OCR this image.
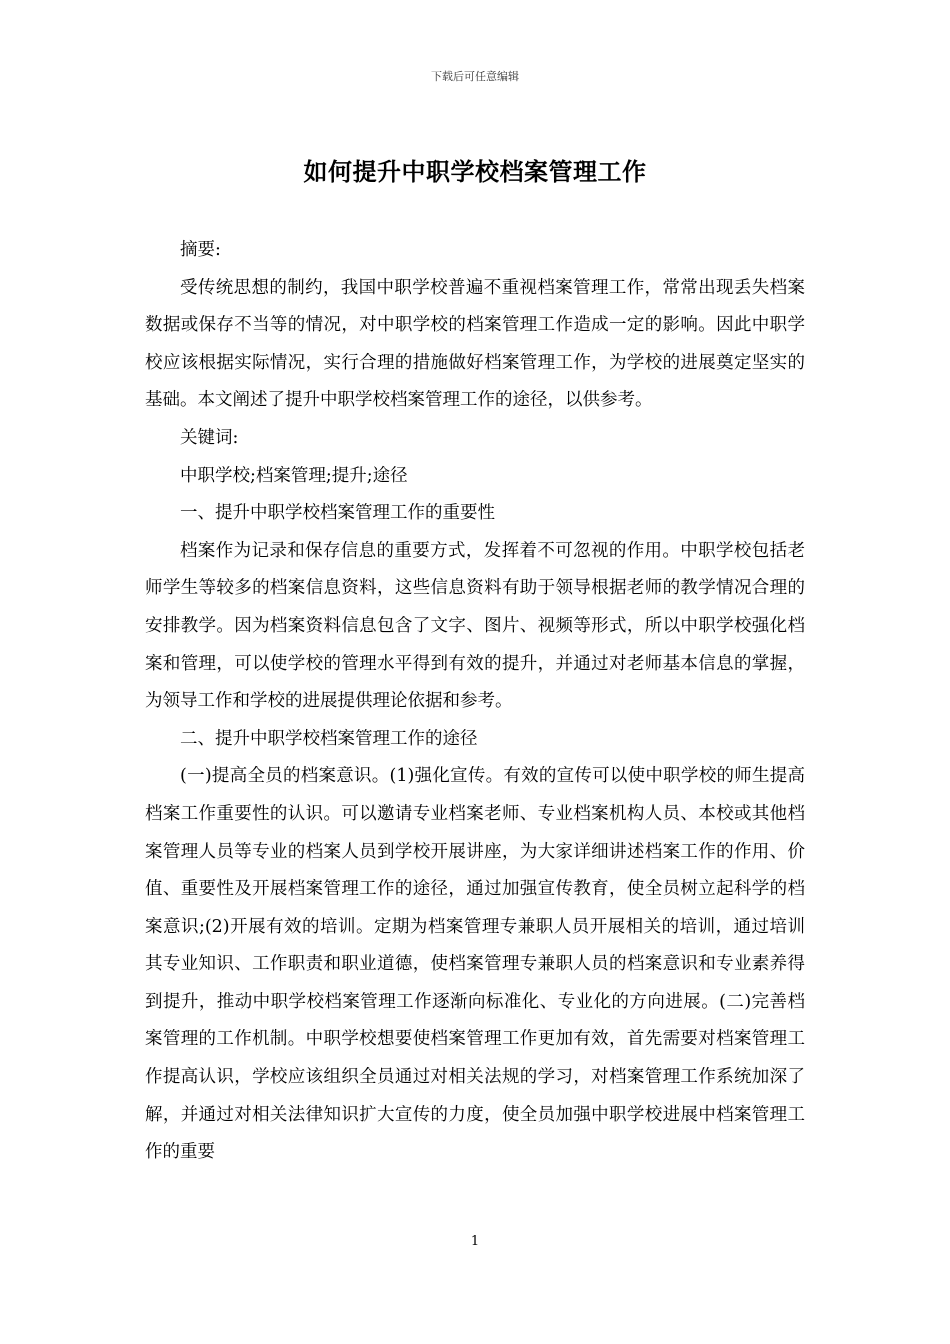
下载后可任意编辑
如何提升中职学校档案管理工作

摘要:

受传统思想的制约，我国中职学校普遍不重视档案管理工作，常常出现丢失档案数据或保存不当等的情况，对中职学校的档案管理工作造成一定的影响。因此中职学校应该根据实际情况，实行合理的措施做好档案管理工作，为学校的进展奠定坚实的基础。本文阐述了提升中职学校档案管理工作的途径，以供参考。

关键词:

中职学校;档案管理;提升;途径

一、提升中职学校档案管理工作的重要性

档案作为记录和保存信息的重要方式，发挥着不可忽视的作用。中职学校包括老师学生等较多的档案信息资料，这些信息资料有助于领导根据老师的教学情况合理的安排教学。因为档案资料信息包含了文字、图片、视频等形式，所以中职学校强化档案和管理，可以使学校的管理水平得到有效的提升，并通过对老师基本信息的掌握，为领导工作和学校的进展提供理论依据和参考。

二、提升中职学校档案管理工作的途径

(一)提高全员的档案意识。(1)强化宣传。有效的宣传可以使中职学校的师生提高档案工作重要性的认识。可以邀请专业档案老师、专业档案机构人员、本校或其他档案管理人员等专业的档案人员到学校开展讲座，为大家详细讲述档案工作的作用、价值、重要性及开展档案管理工作的途径，通过加强宣传教育，使全员树立起科学的档案意识;(2)开展有效的培训。定期为档案管理专兼职人员开展相关的培训，通过培训其专业知识、工作职责和职业道德，使档案管理专兼职人员的档案意识和专业素养得到提升，推动中职学校档案管理工作逐渐向标准化、专业化的方向进展。(二)完善档案管理的工作机制。中职学校想要使档案管理工作更加有效，首先需要对档案管理工作提高认识，学校应该组织全员通过对相关法规的学习，对档案管理工作系统加深了解，并通过对相关法律知识扩大宣传的力度，使全员加强中职学校进展中档案管理工作的重要

1
